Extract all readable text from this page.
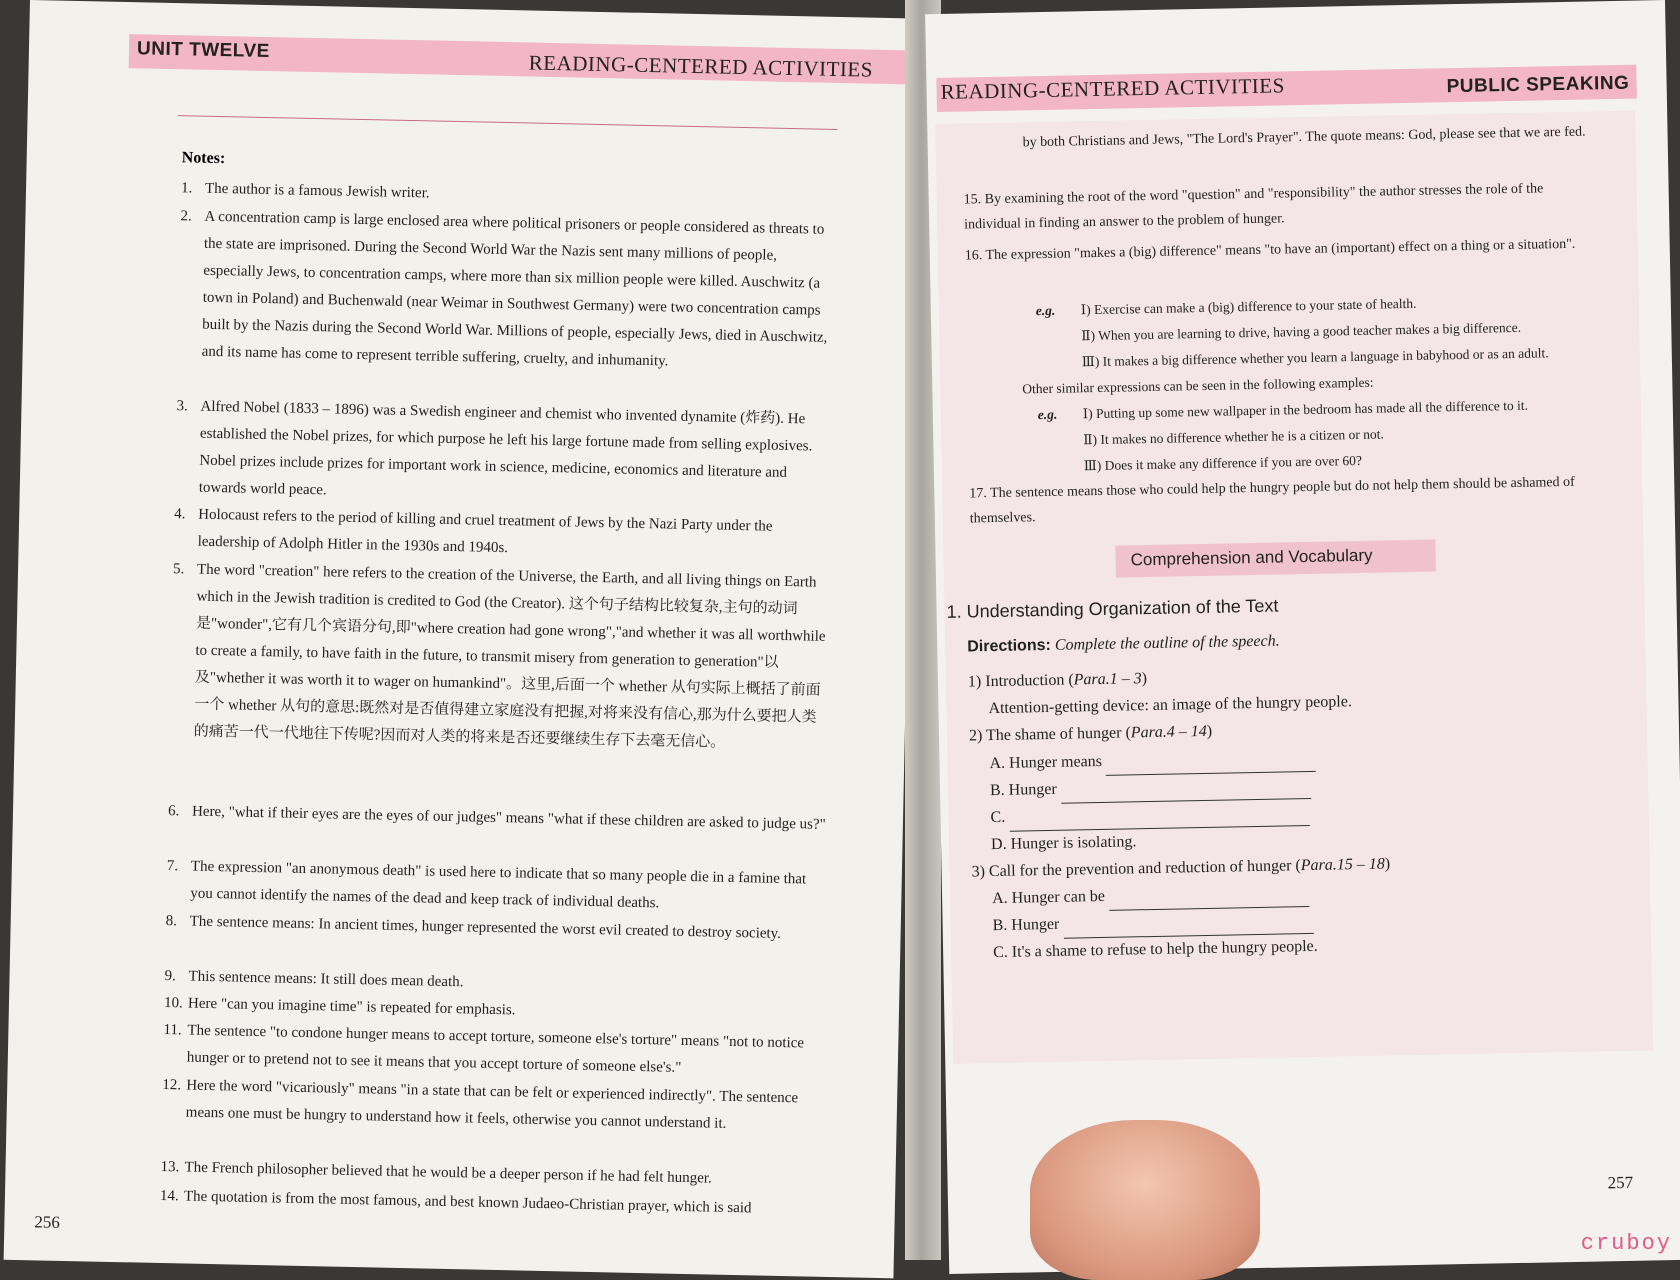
UNIT TWELVE
READING-CENTERED ACTIVITIES
Notes:
1. The author is a famous Jewish writer.
2. A concentration camp is large enclosed area where political prisoners or people considered as threats to the state are imprisoned. During the Second World War the Nazis sent many millions of people, especially Jews, to concentration camps, where more than six million people were killed. Auschwitz (a town in Poland) and Buchenwald (near Weimar in Southwest Germany) were two concentration camps built by the Nazis during the Second World War. Millions of people, especially Jews, died in Auschwitz, and its name has come to represent terrible suffering, cruelty, and inhumanity.
3. Alfred Nobel (1833 – 1896) was a Swedish engineer and chemist who invented dynamite (炸药). He established the Nobel prizes, for which purpose he left his large fortune made from selling explosives. Nobel prizes include prizes for important work in science, medicine, economics and literature and towards world peace.
4. Holocaust refers to the period of killing and cruel treatment of Jews by the Nazi Party under the leadership of Adolph Hitler in the 1930s and 1940s.
5. The word "creation" here refers to the creation of the Universe, the Earth, and all living things on Earth which in the Jewish tradition is credited to God (the Creator). 这个句子结构比较复杂,主句的动词是"wonder",它有几个宾语分句,即"where creation had gone wrong","and whether it was all worthwhile to create a family, to have faith in the future, to transmit misery from generation to generation"以及"whether it was worth it to wager on humankind"。这里,后面一个 whether 从句实际上概括了前面一个 whether 从句的意思:既然对是否值得建立家庭没有把握,对将来没有信心,那为什么要把人类的痛苦一代一代地往下传呢?因而对人类的将来是否还要继续生存下去毫无信心。
6. Here, "what if their eyes are the eyes of our judges" means "what if these children are asked to judge us?"
7. The expression "an anonymous death" is used here to indicate that so many people die in a famine that you cannot identify the names of the dead and keep track of individual deaths.
8. The sentence means: In ancient times, hunger represented the worst evil created to destroy society.
9. This sentence means: It still does mean death.
10. Here "can you imagine time" is repeated for emphasis.
11. The sentence "to condone hunger means to accept torture, someone else's torture" means "not to notice hunger or to pretend not to see it means that you accept torture of someone else's."
12. Here the word "vicariously" means "in a state that can be felt or experienced indirectly". The sentence means one must be hungry to understand how it feels, otherwise you cannot understand it.
13. The French philosopher believed that he would be a deeper person if he had felt hunger.
14. The quotation is from the most famous, and best known Judaeo-Christian prayer, which is said
256
READING-CENTERED ACTIVITIES	PUBLIC SPEAKING
by both Christians and Jews, "The Lord's Prayer". The quote means: God, please see that we are fed.
15. By examining the root of the word "question" and "responsibility" the author stresses the role of the individual in finding an answer to the problem of hunger.
16. The expression "makes a (big) difference" means "to have an (important) effect on a thing or a situation".
e.g. Ⅰ) Exercise can make a (big) difference to your state of health.
Ⅱ) When you are learning to drive, having a good teacher makes a big difference.
Ⅲ) It makes a big difference whether you learn a language in babyhood or as an adult.
Other similar expressions can be seen in the following examples:
e.g. Ⅰ) Putting up some new wallpaper in the bedroom has made all the difference to it.
Ⅱ) It makes no difference whether he is a citizen or not.
Ⅲ) Does it make any difference if you are over 60?
17. The sentence means those who could help the hungry people but do not help them should be ashamed of themselves.
Comprehension and Vocabulary
1. Understanding Organization of the Text
Directions: Complete the outline of the speech.
1) Introduction (Para.1 – 3)
Attention-getting device: an image of the hungry people.
2) The shame of hunger (Para.4 – 14)
A. Hunger means
B. Hunger
C.
D. Hunger is isolating.
3) Call for the prevention and reduction of hunger (Para.15 – 18)
A. Hunger can be
B. Hunger
C. It's a shame to refuse to help the hungry people.
257
cruboy
